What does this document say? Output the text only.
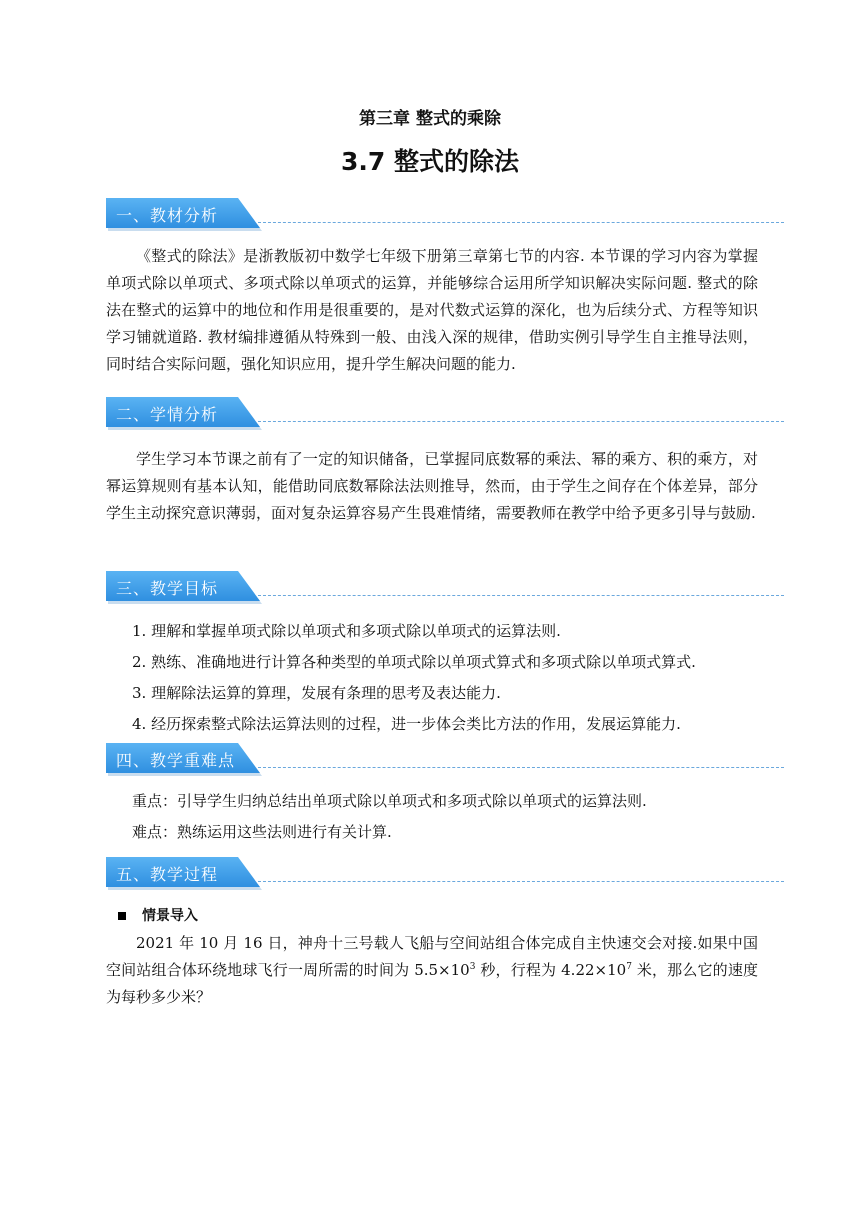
第三章 整式的乘除
3.7 整式的除法
一、教材分析

《整式的除法》是浙教版初中数学七年级下册第三章第七节的内容. 本节课的学习内容为掌握单项式除以单项式、多项式除以单项式的运算，并能够综合运用所学知识解决实际问题. 整式的除法在整式的运算中的地位和作用是很重要的，是对代数式运算的深化，也为后续分式、方程等知识学习铺就道路. 教材编排遵循从特殊到一般、由浅入深的规律，借助实例引导学生自主推导法则，同时结合实际问题，强化知识应用，提升学生解决问题的能力.

二、学情分析

学生学习本节课之前有了一定的知识储备，已掌握同底数幂的乘法、幂的乘方、积的乘方，对幂运算规则有基本认知，能借助同底数幂除法法则推导，然而，由于学生之间存在个体差异，部分学生主动探究意识薄弱，面对复杂运算容易产生畏难情绪，需要教师在教学中给予更多引导与鼓励.

三、教学目标
1. 理解和掌握单项式除以单项式和多项式除以单项式的运算法则.
2. 熟练、准确地进行计算各种类型的单项式除以单项式算式和多项式除以单项式算式.
3. 理解除法运算的算理，发展有条理的思考及表达能力.
4. 经历探索整式除法运算法则的过程，进一步体会类比方法的作用，发展运算能力.
四、教学重难点
重点：引导学生归纳总结出单项式除以单项式和多项式除以单项式的运算法则.
难点：熟练运用这些法则进行有关计算.
五、教学过程
情景导入

2021 年 10 月 16 日，神舟十三号载人飞船与空间站组合体完成自主快速交会对接.如果中国空间站组合体环绕地球飞行一周所需的时间为 $5.5\times 10^3$ 秒，行程为 $4.22\times 10^7$ 米，那么它的速度为每秒多少米？
